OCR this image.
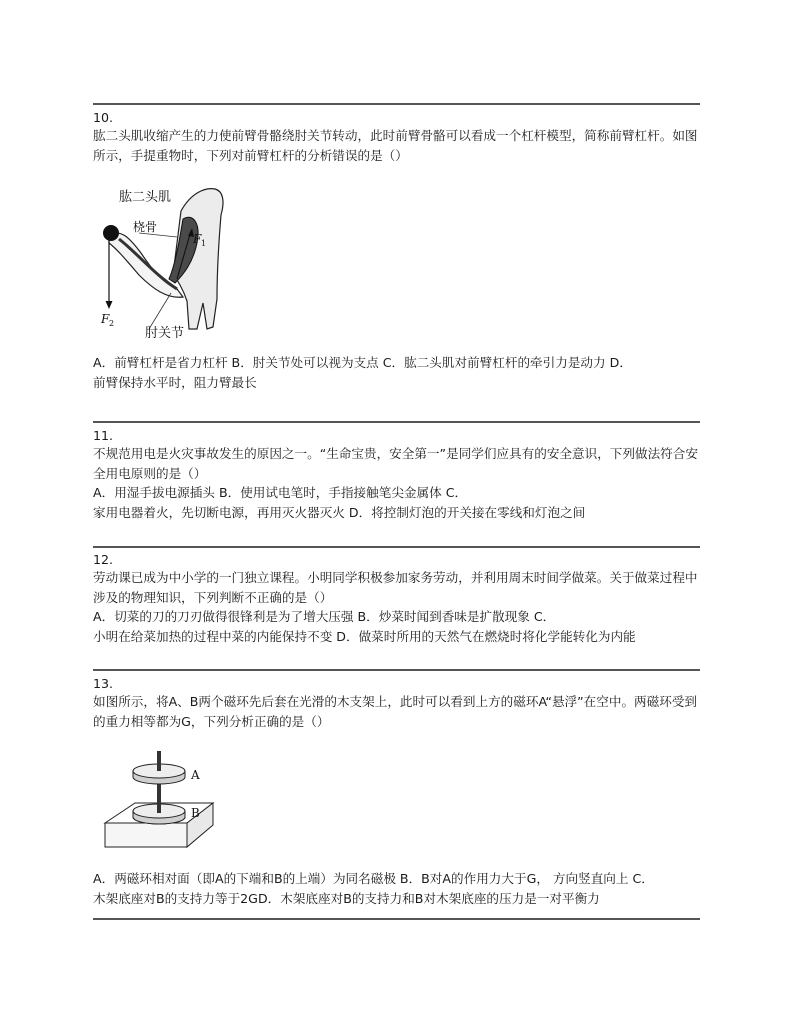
10.

肱二头肌收缩产生的力使前臂骨骼绕肘关节转动，此时前臂骨骼可以看成一个杠杆模型，简称前臂杠杆。如图所示，手提重物时，下列对前臂杠杆的分析错误的是（）

肱二头肌
桡骨
F 1
F 2
肘关节

A．前臂杠杆是省力杠杆 B．肘关节处可以视为支点 C．肱二头肌对前臂杠杆的牵引力是动力 D．

前臂保持水平时，阻力臂最长

11.

不规范用电是火灾事故发生的原因之一。“生命宝贵，安全第一”是同学们应具有的安全意识，下列做法符合安全用电原则的是（）

A．用湿手拔电源插头 B．使用试电笔时，手指接触笔尖金属体 C．

家用电器着火，先切断电源，再用灭火器灭火 D．将控制灯泡的开关接在零线和灯泡之间

12.

劳动课已成为中小学的一门独立课程。小明同学积极参加家务劳动，并利用周末时间学做菜。关于做菜过程中涉及的物理知识，下列判断不正确的是（）

A．切菜的刀的刀刃做得很锋利是为了增大压强 B．炒菜时闻到香味是扩散现象 C．

小明在给菜加热的过程中菜的内能保持不变 D．做菜时所用的天然气在燃烧时将化学能转化为内能

13.

如图所示，将A、B两个磁环先后套在光滑的木支架上，此时可以看到上方的磁环A“悬浮”在空中。两磁环受到的重力相等都为G，下列分析正确的是（）

A
B

A．两磁环相对面（即A的下端和B的上端）为同名磁极 B．B对A的作用力大于G， 方向竖直向上 C．

木架底座对B的支持力等于2GD．木架底座对B的支持力和B对木架底座的压力是一对平衡力
